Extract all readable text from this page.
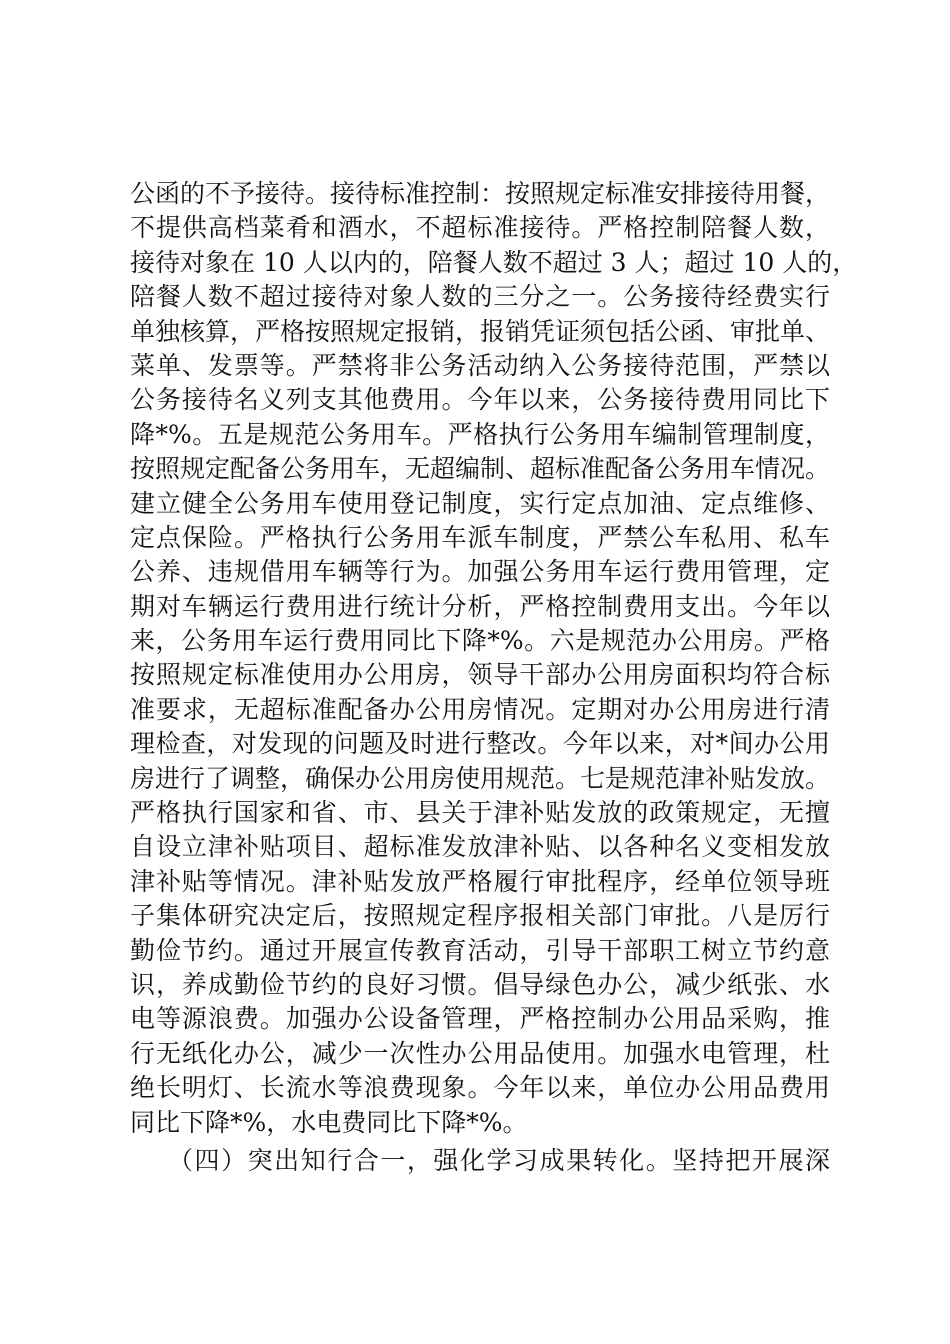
公函的不予接待。接待标准控制：按照规定标准安排接待用餐，
不提供高档菜肴和酒水，不超标准接待。严格控制陪餐人数，
接待对象在 10 人以内的，陪餐人数不超过 3 人；超过 10 人的，
陪餐人数不超过接待对象人数的三分之一。公务接待经费实行
单独核算，严格按照规定报销，报销凭证须包括公函、审批单、
菜单、发票等。严禁将非公务活动纳入公务接待范围，严禁以
公务接待名义列支其他费用。今年以来，公务接待费用同比下
降*%。五是规范公务用车。严格执行公务用车编制管理制度，
按照规定配备公务用车，无超编制、超标准配备公务用车情况。
建立健全公务用车使用登记制度，实行定点加油、定点维修、
定点保险。严格执行公务用车派车制度，严禁公车私用、私车
公养、违规借用车辆等行为。加强公务用车运行费用管理，定
期对车辆运行费用进行统计分析，严格控制费用支出。今年以
来，公务用车运行费用同比下降*%。六是规范办公用房。严格
按照规定标准使用办公用房，领导干部办公用房面积均符合标
准要求，无超标准配备办公用房情况。定期对办公用房进行清
理检查，对发现的问题及时进行整改。今年以来，对*间办公用
房进行了调整，确保办公用房使用规范。七是规范津补贴发放。
严格执行国家和省、市、县关于津补贴发放的政策规定，无擅
自设立津补贴项目、超标准发放津补贴、以各种名义变相发放
津补贴等情况。津补贴发放严格履行审批程序，经单位领导班
子集体研究决定后，按照规定程序报相关部门审批。八是厉行
勤俭节约。通过开展宣传教育活动，引导干部职工树立节约意
识，养成勤俭节约的良好习惯。倡导绿色办公，减少纸张、水
电等源浪费。加强办公设备管理，严格控制办公用品采购，推
行无纸化办公，减少一次性办公用品使用。加强水电管理，杜
绝长明灯、长流水等浪费现象。今年以来，单位办公用品费用
同比下降*%，水电费同比下降*%。
（四）突出知行合一，强化学习成果转化。坚持把开展深
